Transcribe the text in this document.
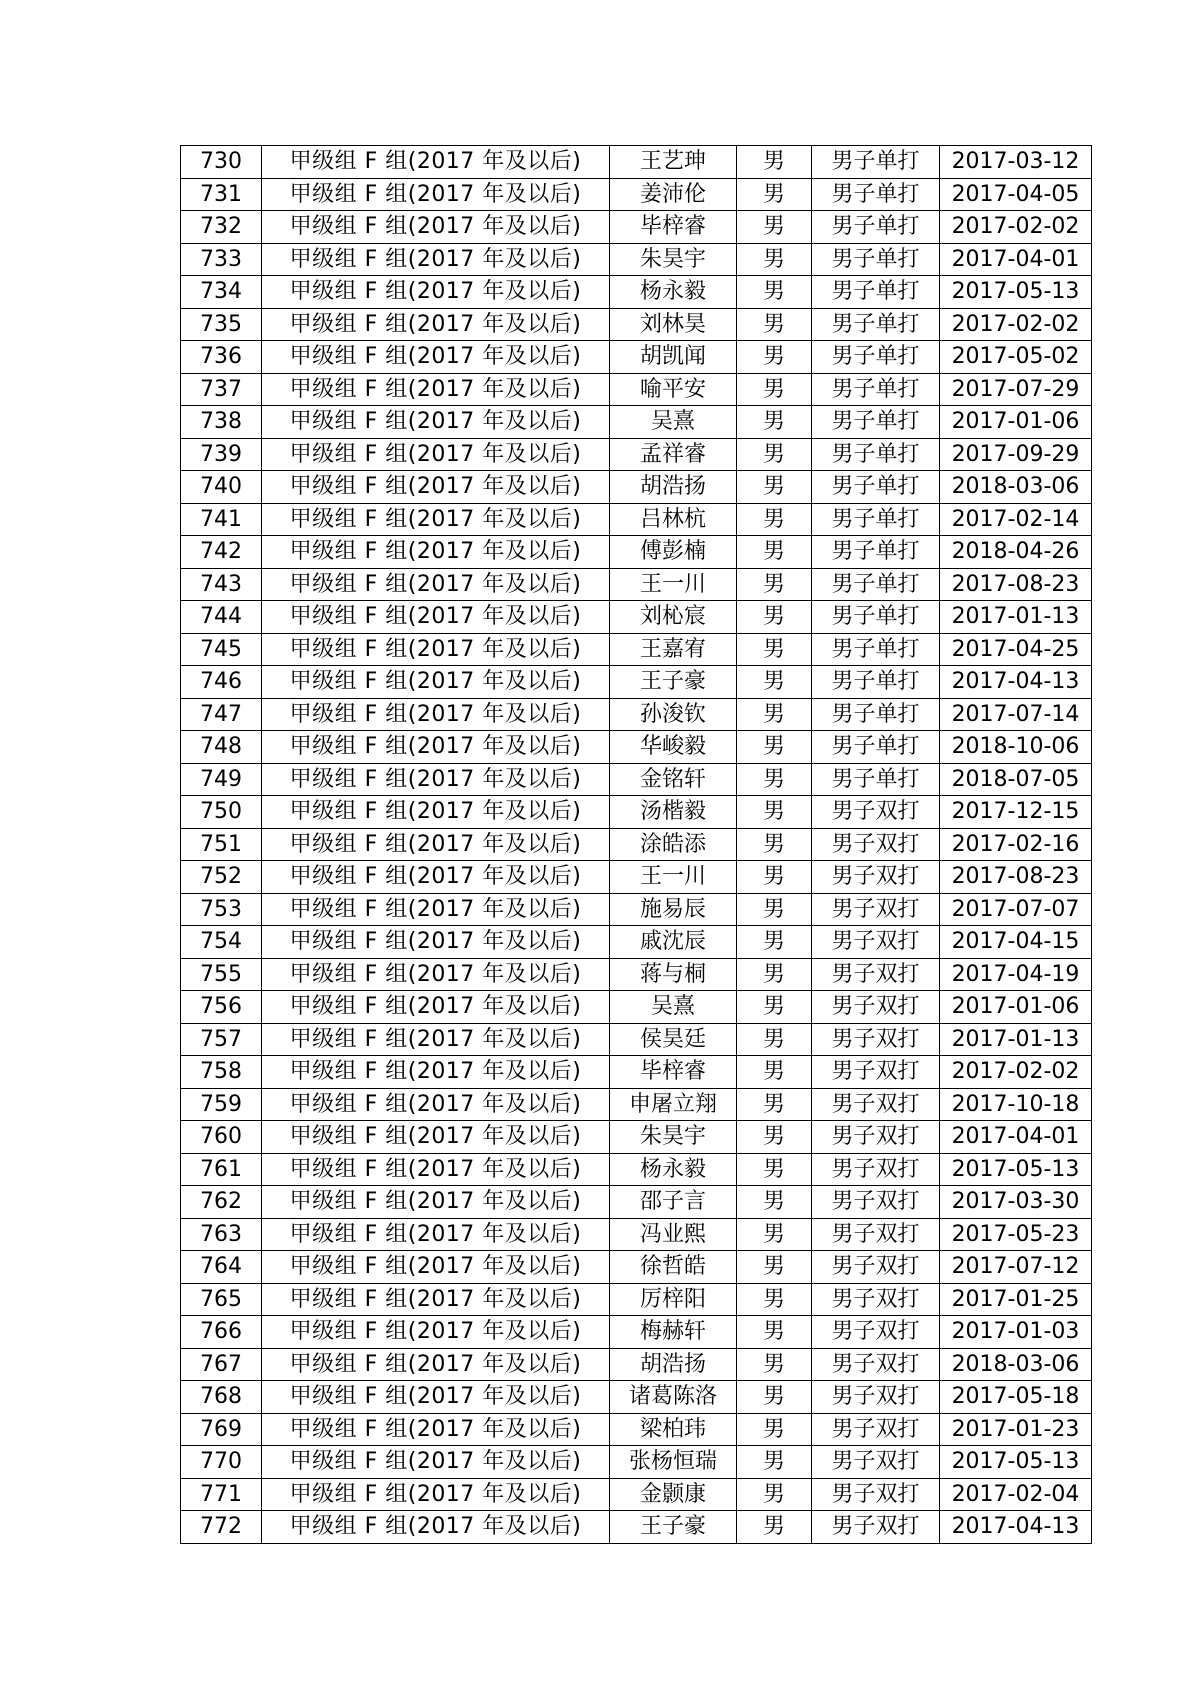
730	甲级组 F 组(2017 年及以后)	王艺珅	男	男子单打	2017-03-12
731	甲级组 F 组(2017 年及以后)	姜沛伦	男	男子单打	2017-04-05
732	甲级组 F 组(2017 年及以后)	毕梓睿	男	男子单打	2017-02-02
733	甲级组 F 组(2017 年及以后)	朱昊宇	男	男子单打	2017-04-01
734	甲级组 F 组(2017 年及以后)	杨永毅	男	男子单打	2017-05-13
735	甲级组 F 组(2017 年及以后)	刘林昊	男	男子单打	2017-02-02
736	甲级组 F 组(2017 年及以后)	胡凯闻	男	男子单打	2017-05-02
737	甲级组 F 组(2017 年及以后)	喻平安	男	男子单打	2017-07-29
738	甲级组 F 组(2017 年及以后)	吴熹	男	男子单打	2017-01-06
739	甲级组 F 组(2017 年及以后)	孟祥睿	男	男子单打	2017-09-29
740	甲级组 F 组(2017 年及以后)	胡浩扬	男	男子单打	2018-03-06
741	甲级组 F 组(2017 年及以后)	吕林杭	男	男子单打	2017-02-14
742	甲级组 F 组(2017 年及以后)	傅彭楠	男	男子单打	2018-04-26
743	甲级组 F 组(2017 年及以后)	王一川	男	男子单打	2017-08-23
744	甲级组 F 组(2017 年及以后)	刘杺宸	男	男子单打	2017-01-13
745	甲级组 F 组(2017 年及以后)	王嘉宥	男	男子单打	2017-04-25
746	甲级组 F 组(2017 年及以后)	王子豪	男	男子单打	2017-04-13
747	甲级组 F 组(2017 年及以后)	孙浚钦	男	男子单打	2017-07-14
748	甲级组 F 组(2017 年及以后)	华峻毅	男	男子单打	2018-10-06
749	甲级组 F 组(2017 年及以后)	金铭轩	男	男子单打	2018-07-05
750	甲级组 F 组(2017 年及以后)	汤楷毅	男	男子双打	2017-12-15
751	甲级组 F 组(2017 年及以后)	涂皓添	男	男子双打	2017-02-16
752	甲级组 F 组(2017 年及以后)	王一川	男	男子双打	2017-08-23
753	甲级组 F 组(2017 年及以后)	施易辰	男	男子双打	2017-07-07
754	甲级组 F 组(2017 年及以后)	戚沈辰	男	男子双打	2017-04-15
755	甲级组 F 组(2017 年及以后)	蒋与桐	男	男子双打	2017-04-19
756	甲级组 F 组(2017 年及以后)	吴熹	男	男子双打	2017-01-06
757	甲级组 F 组(2017 年及以后)	侯昊廷	男	男子双打	2017-01-13
758	甲级组 F 组(2017 年及以后)	毕梓睿	男	男子双打	2017-02-02
759	甲级组 F 组(2017 年及以后)	申屠立翔	男	男子双打	2017-10-18
760	甲级组 F 组(2017 年及以后)	朱昊宇	男	男子双打	2017-04-01
761	甲级组 F 组(2017 年及以后)	杨永毅	男	男子双打	2017-05-13
762	甲级组 F 组(2017 年及以后)	邵子言	男	男子双打	2017-03-30
763	甲级组 F 组(2017 年及以后)	冯业熙	男	男子双打	2017-05-23
764	甲级组 F 组(2017 年及以后)	徐哲皓	男	男子双打	2017-07-12
765	甲级组 F 组(2017 年及以后)	厉梓阳	男	男子双打	2017-01-25
766	甲级组 F 组(2017 年及以后)	梅赫轩	男	男子双打	2017-01-03
767	甲级组 F 组(2017 年及以后)	胡浩扬	男	男子双打	2018-03-06
768	甲级组 F 组(2017 年及以后)	诸葛陈洛	男	男子双打	2017-05-18
769	甲级组 F 组(2017 年及以后)	梁柏玮	男	男子双打	2017-01-23
770	甲级组 F 组(2017 年及以后)	张杨恒瑞	男	男子双打	2017-05-13
771	甲级组 F 组(2017 年及以后)	金颢康	男	男子双打	2017-02-04
772	甲级组 F 组(2017 年及以后)	王子豪	男	男子双打	2017-04-13
